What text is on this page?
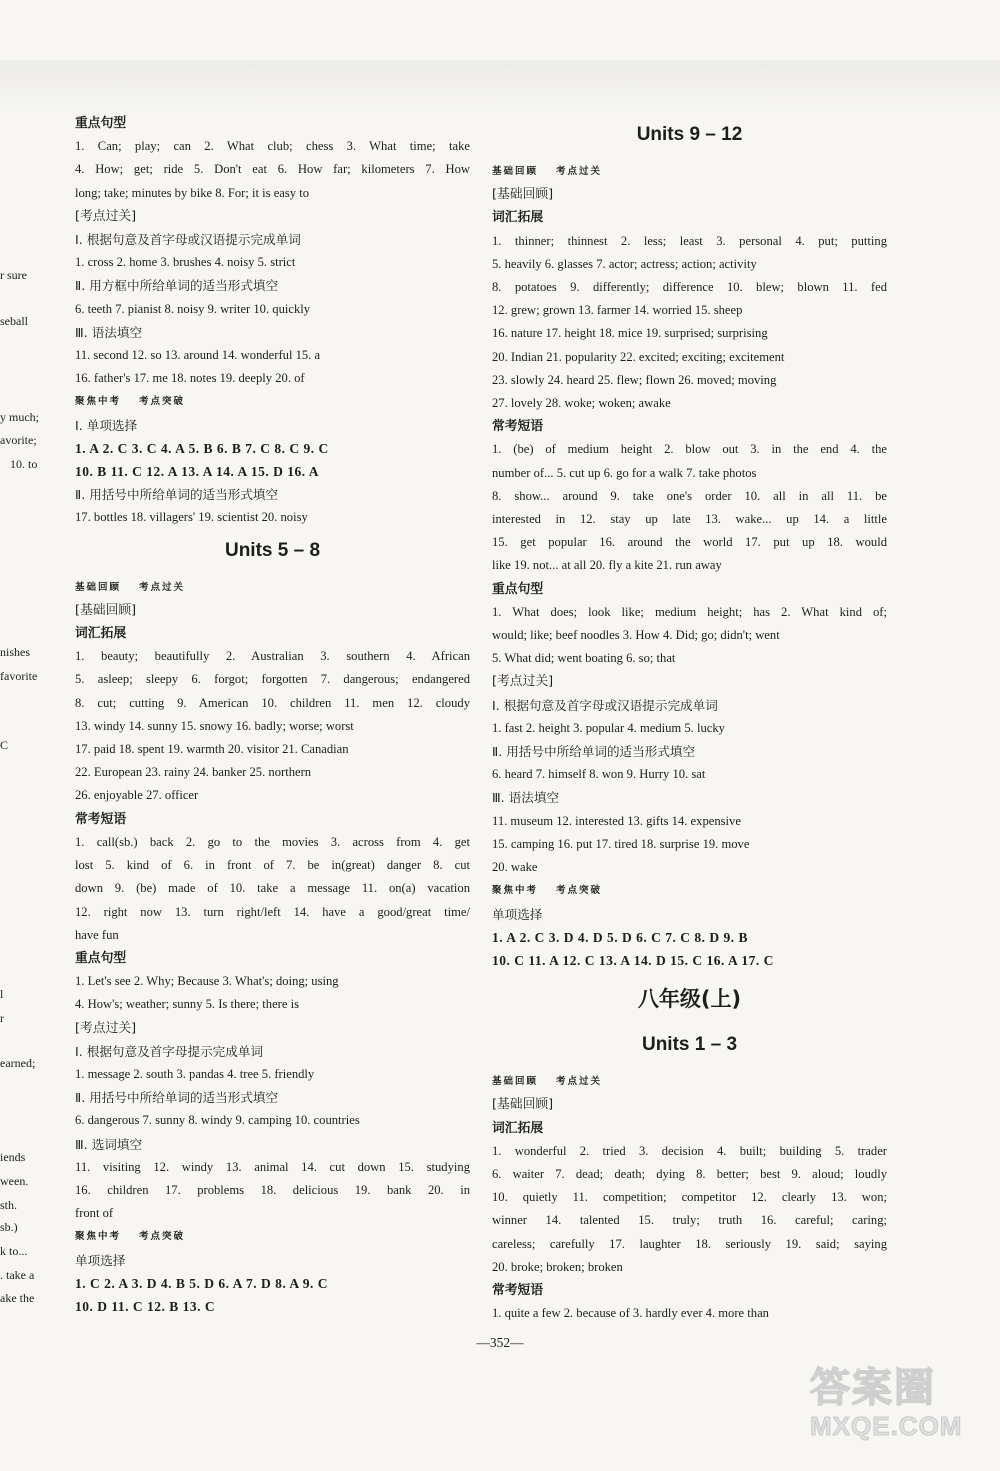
r sure
seball
y much;
avorite;
10. to
nishes
favorite
C
l
r
earned;
iends
ween.
sth.
sb.)
k to...
. take a
ake the
重点句型
1. Can; play; can 2. What club; chess 3. What time; take
4. How; get; ride 5. Don't eat 6. How far; kilometers 7. How
long; take; minutes by bike 8. For; it is easy to
[考点过关]
Ⅰ. 根据句意及首字母或汉语提示完成单词
1. cross 2. home 3. brushes 4. noisy 5. strict
Ⅱ. 用方框中所给单词的适当形式填空
6. teeth 7. pianist 8. noisy 9. writer 10. quickly
Ⅲ. 语法填空
11. second 12. so 13. around 14. wonderful 15. a
16. father's 17. me 18. notes 19. deeply 20. of
聚焦中考 考点突破
Ⅰ. 单项选择
1. A 2. C 3. C 4. A 5. B 6. B 7. C 8. C 9. C
10. B 11. C 12. A 13. A 14. A 15. D 16. A
Ⅱ. 用括号中所给单词的适当形式填空
17. bottles 18. villagers' 19. scientist 20. noisy
Units 5 – 8
基础回顾 考点过关
[基础回顾]
词汇拓展
1. beauty; beautifully 2. Australian 3. southern 4. African
5. asleep; sleepy 6. forgot; forgotten 7. dangerous; endangered
8. cut; cutting 9. American 10. children 11. men 12. cloudy
13. windy 14. sunny 15. snowy 16. badly; worse; worst
17. paid 18. spent 19. warmth 20. visitor 21. Canadian
22. European 23. rainy 24. banker 25. northern
26. enjoyable 27. officer
常考短语
1. call(sb.) back 2. go to the movies 3. across from 4. get
lost 5. kind of 6. in front of 7. be in(great) danger 8. cut
down 9. (be) made of 10. take a message 11. on(a) vacation
12. right now 13. turn right/left 14. have a good/great time/
have fun
重点句型
1. Let's see 2. Why; Because 3. What's; doing; using
4. How's; weather; sunny 5. Is there; there is
[考点过关]
Ⅰ. 根据句意及首字母提示完成单词
1. message 2. south 3. pandas 4. tree 5. friendly
Ⅱ. 用括号中所给单词的适当形式填空
6. dangerous 7. sunny 8. windy 9. camping 10. countries
Ⅲ. 选词填空
11. visiting 12. windy 13. animal 14. cut down 15. studying
16. children 17. problems 18. delicious 19. bank 20. in
front of
聚焦中考 考点突破
单项选择
1. C 2. A 3. D 4. B 5. D 6. A 7. D 8. A 9. C
10. D 11. C 12. B 13. C
Units 9 – 12
基础回顾 考点过关
[基础回顾]
词汇拓展
1. thinner; thinnest 2. less; least 3. personal 4. put; putting
5. heavily 6. glasses 7. actor; actress; action; activity
8. potatoes 9. differently; difference 10. blew; blown 11. fed
12. grew; grown 13. farmer 14. worried 15. sheep
16. nature 17. height 18. mice 19. surprised; surprising
20. Indian 21. popularity 22. excited; exciting; excitement
23. slowly 24. heard 25. flew; flown 26. moved; moving
27. lovely 28. woke; woken; awake
常考短语
1. (be) of medium height 2. blow out 3. in the end 4. the
number of... 5. cut up 6. go for a walk 7. take photos
8. show... around 9. take one's order 10. all in all 11. be
interested in 12. stay up late 13. wake... up 14. a little
15. get popular 16. around the world 17. put up 18. would
like 19. not... at all 20. fly a kite 21. run away
重点句型
1. What does; look like; medium height; has 2. What kind of;
would; like; beef noodles 3. How 4. Did; go; didn't; went
5. What did; went boating 6. so; that
[考点过关]
Ⅰ. 根据句意及首字母或汉语提示完成单词
1. fast 2. height 3. popular 4. medium 5. lucky
Ⅱ. 用括号中所给单词的适当形式填空
6. heard 7. himself 8. won 9. Hurry 10. sat
Ⅲ. 语法填空
11. museum 12. interested 13. gifts 14. expensive
15. camping 16. put 17. tired 18. surprise 19. move
20. wake
聚焦中考 考点突破
单项选择
1. A 2. C 3. D 4. D 5. D 6. C 7. C 8. D 9. B
10. C 11. A 12. C 13. A 14. D 15. C 16. A 17. C
八年级(上)
Units 1 – 3
基础回顾 考点过关
[基础回顾]
词汇拓展
1. wonderful 2. tried 3. decision 4. built; building 5. trader
6. waiter 7. dead; death; dying 8. better; best 9. aloud; loudly
10. quietly 11. competition; competitor 12. clearly 13. won;
winner 14. talented 15. truly; truth 16. careful; caring;
careless; carefully 17. laughter 18. seriously 19. said; saying
20. broke; broken; broken
常考短语
1. quite a few 2. because of 3. hardly ever 4. more than
—352—
答案圈
MXQE.COM
